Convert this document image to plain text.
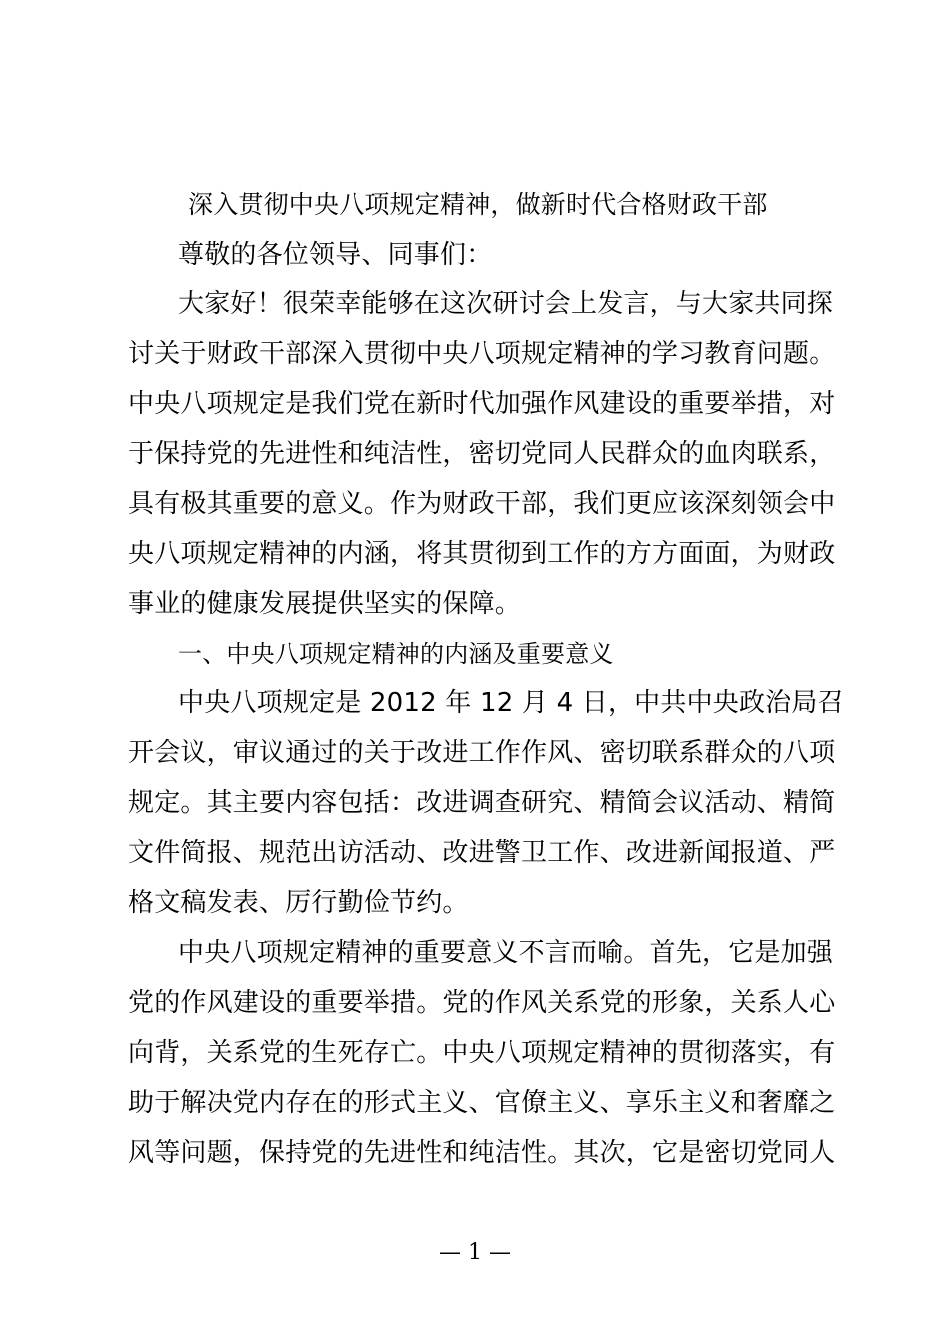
深入贯彻中央八项规定精神，做新时代合格财政干部
尊敬的各位领导、同事们：
大家好！很荣幸能够在这次研讨会上发言，与大家共同探
讨关于财政干部深入贯彻中央八项规定精神的学习教育问题。
中央八项规定是我们党在新时代加强作风建设的重要举措，对
于保持党的先进性和纯洁性，密切党同人民群众的血肉联系，
具有极其重要的意义。作为财政干部，我们更应该深刻领会中
央八项规定精神的内涵，将其贯彻到工作的方方面面，为财政
事业的健康发展提供坚实的保障。
一、中央八项规定精神的内涵及重要意义
中央八项规定是 2012 年 12 月 4 日，中共中央政治局召
开会议，审议通过的关于改进工作作风、密切联系群众的八项
规定。其主要内容包括：改进调查研究、精简会议活动、精简
文件简报、规范出访活动、改进警卫工作、改进新闻报道、严
格文稿发表、厉行勤俭节约。
中央八项规定精神的重要意义不言而喻。首先，它是加强
党的作风建设的重要举措。党的作风关系党的形象，关系人心
向背，关系党的生死存亡。中央八项规定精神的贯彻落实，有
助于解决党内存在的形式主义、官僚主义、享乐主义和奢靡之
风等问题，保持党的先进性和纯洁性。其次，它是密切党同人
— 1 —
